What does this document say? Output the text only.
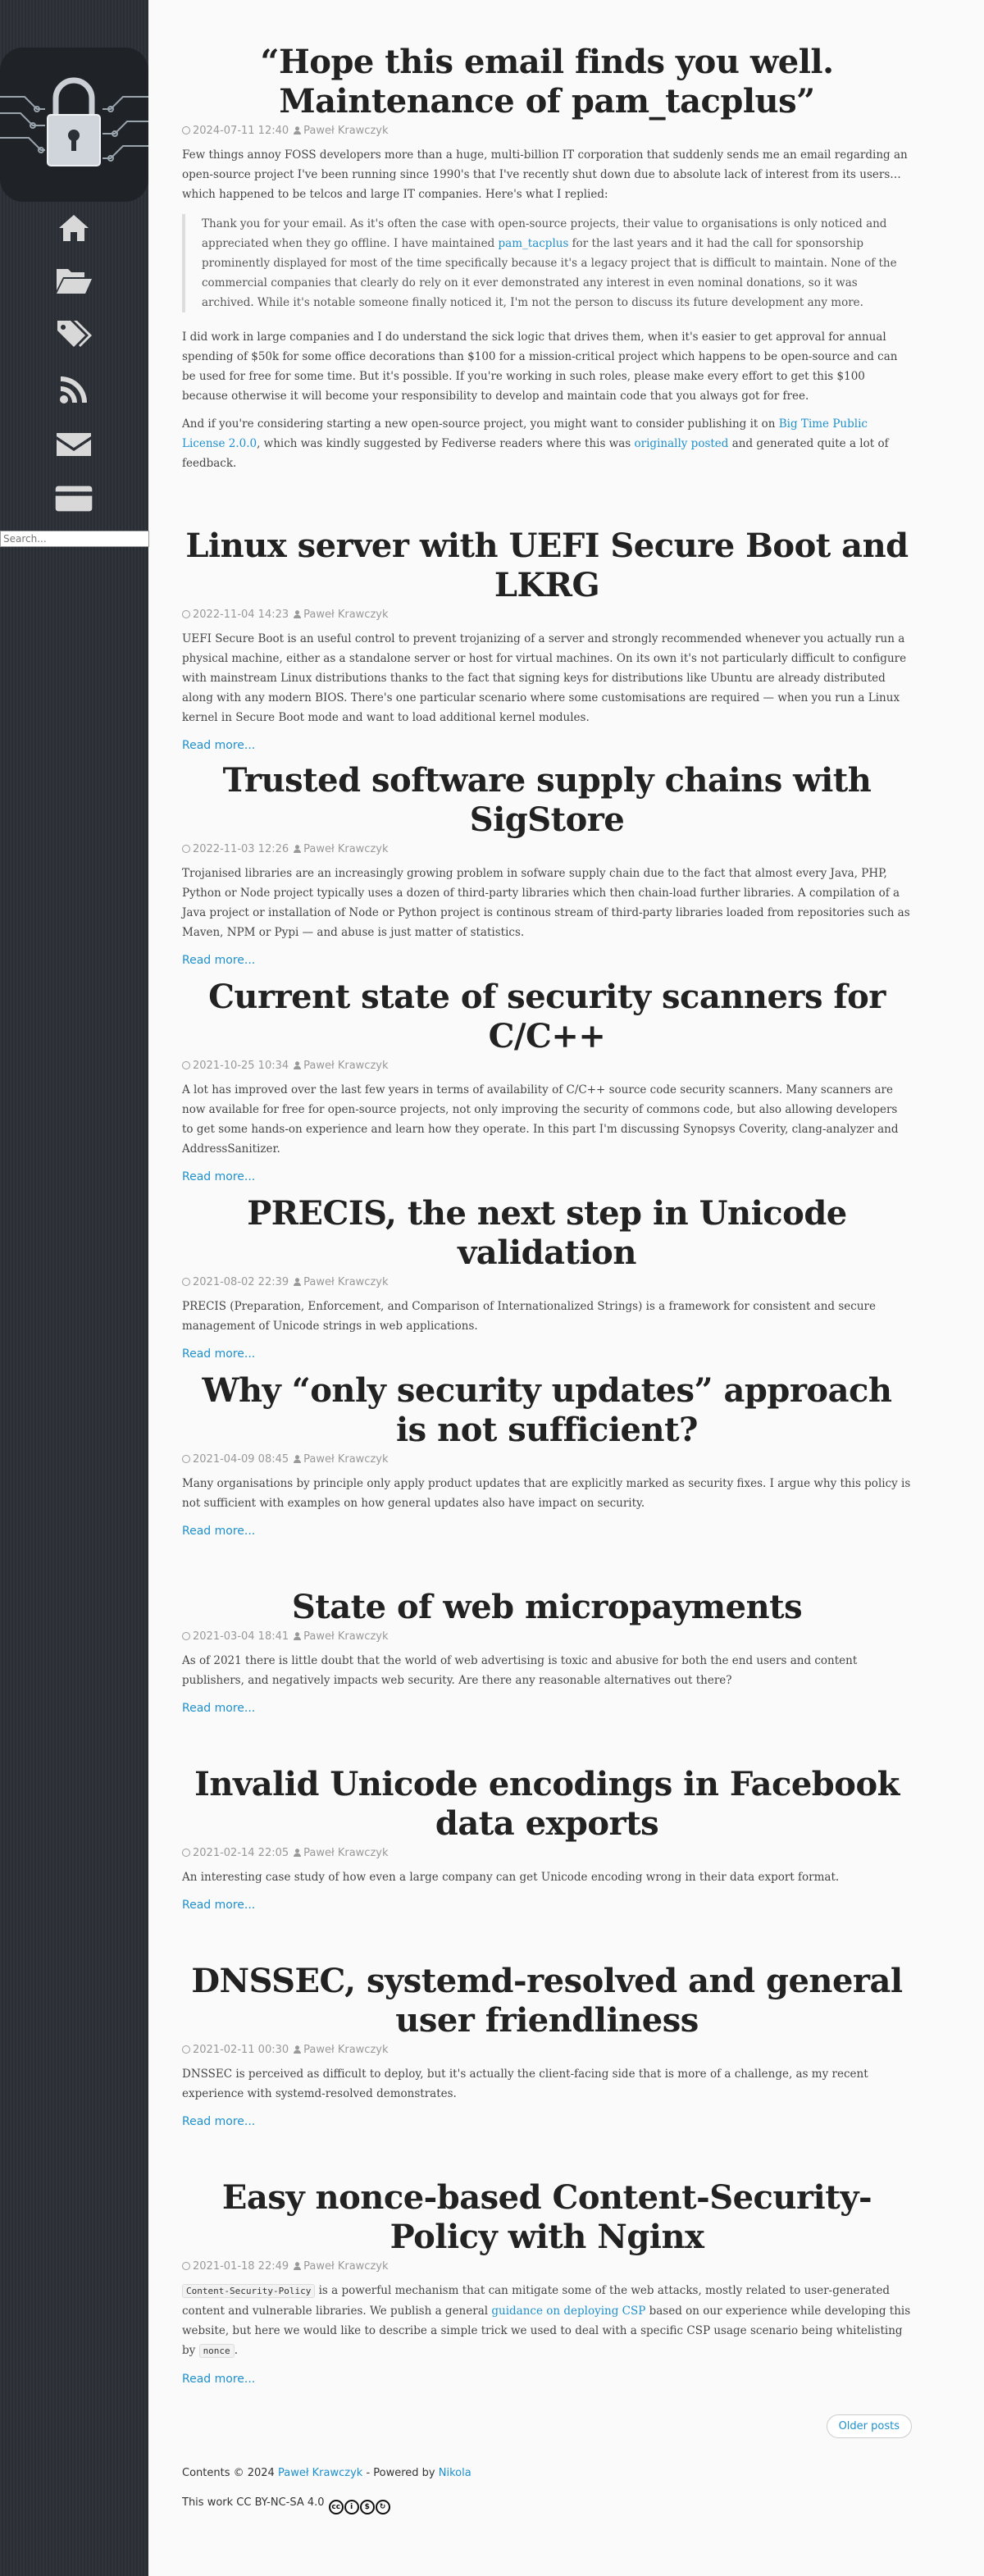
Search...
“Hope this email finds you well. Maintenance of pam_tacplus”
2024-07-11 12:40 Paweł Krawczyk

Few things annoy FOSS developers more than a huge, multi-billion IT corporation that suddenly sends me an email regarding an open-source project I've been running since 1990's that I've recently shut down due to absolute lack of interest from its users… which happened to be telcos and large IT companies. Here's what I replied:

Thank you for your email. As it's often the case with open-source projects, their value to organisations is only noticed and appreciated when they go offline. I have maintained pam_tacplus for the last years and it had the call for sponsorship prominently displayed for most of the time specifically because it's a legacy project that is difficult to maintain. None of the commercial companies that clearly do rely on it ever demonstrated any interest in even nominal donations, so it was archived. While it's notable someone finally noticed it, I'm not the person to discuss its future development any more.

I did work in large companies and I do understand the sick logic that drives them, when it's easier to get approval for annual spending of $50k for some office decorations than $100 for a mission-critical project which happens to be open-source and can be used for free for some time. But it's possible. If you're working in such roles, please make every effort to get this $100 because otherwise it will become your responsibility to develop and maintain code that you always got for free.

And if you're considering starting a new open-source project, you might want to consider publishing it on Big Time Public License 2.0.0, which was kindly suggested by Fediverse readers where this was originally posted and generated quite a lot of feedback.

Linux server with UEFI Secure Boot and LKRG
2022-11-04 14:23 Paweł Krawczyk

UEFI Secure Boot is an useful control to prevent trojanizing of a server and strongly recommended whenever you actually run a physical machine, either as a standalone server or host for virtual machines. On its own it's not particularly difficult to configure with mainstream Linux distributions thanks to the fact that signing keys for distributions like Ubuntu are already distributed along with any modern BIOS. There's one particular scenario where some customisations are required — when you run a Linux kernel in Secure Boot mode and want to load additional kernel modules.

Read more...
Trusted software supply chains with SigStore
2022-11-03 12:26 Paweł Krawczyk

Trojanised libraries are an increasingly growing problem in sofware supply chain due to the fact that almost every Java, PHP, Python or Node project typically uses a dozen of third-party libraries which then chain-load further libraries. A compilation of a Java project or installation of Node or Python project is continous stream of third-party libraries loaded from repositories such as Maven, NPM or Pypi — and abuse is just matter of statistics.

Read more...
Current state of security scanners for C/C++
2021-10-25 10:34 Paweł Krawczyk

A lot has improved over the last few years in terms of availability of C/C++ source code security scanners. Many scanners are now available for free for open-source projects, not only improving the security of commons code, but also allowing developers to get some hands-on experience and learn how they operate. In this part I'm discussing Synopsys Coverity, clang-analyzer and AddressSanitizer.

Read more...
PRECIS, the next step in Unicode validation
2021-08-02 22:39 Paweł Krawczyk

PRECIS (Preparation, Enforcement, and Comparison of Internationalized Strings) is a framework for consistent and secure management of Unicode strings in web applications.

Read more...
Why “only security updates” approach is not sufficient?
2021-04-09 08:45 Paweł Krawczyk

Many organisations by principle only apply product updates that are explicitly marked as security fixes. I argue why this policy is not sufficient with examples on how general updates also have impact on security.

Read more...
State of web micropayments
2021-03-04 18:41 Paweł Krawczyk

As of 2021 there is little doubt that the world of web advertising is toxic and abusive for both the end users and content publishers, and negatively impacts web security. Are there any reasonable alternatives out there?

Read more...
Invalid Unicode encodings in Facebook data exports
2021-02-14 22:05 Paweł Krawczyk

An interesting case study of how even a large company can get Unicode encoding wrong in their data export format.

Read more...
DNSSEC, systemd-resolved and general user friendliness
2021-02-11 00:30 Paweł Krawczyk

DNSSEC is perceived as difficult to deploy, but it's actually the client-facing side that is more of a challenge, as my recent experience with systemd-resolved demonstrates.

Read more...
Easy nonce-based Content-Security-Policy with Nginx
2021-01-18 22:49 Paweł Krawczyk

Content-Security-Policy is a powerful mechanism that can mitigate some of the web attacks, mostly related to user-generated content and vulnerable libraries. We publish a general guidance on deploying CSP based on our experience while developing this website, but here we would like to describe a simple trick we used to deal with a specific CSP usage scenario being whitelisting by nonce .

Read more...
Older posts
Contents © 2024 Paweł Krawczyk - Powered by Nikola
This work CC BY-NC-SA 4.0 cc i $ ↻
